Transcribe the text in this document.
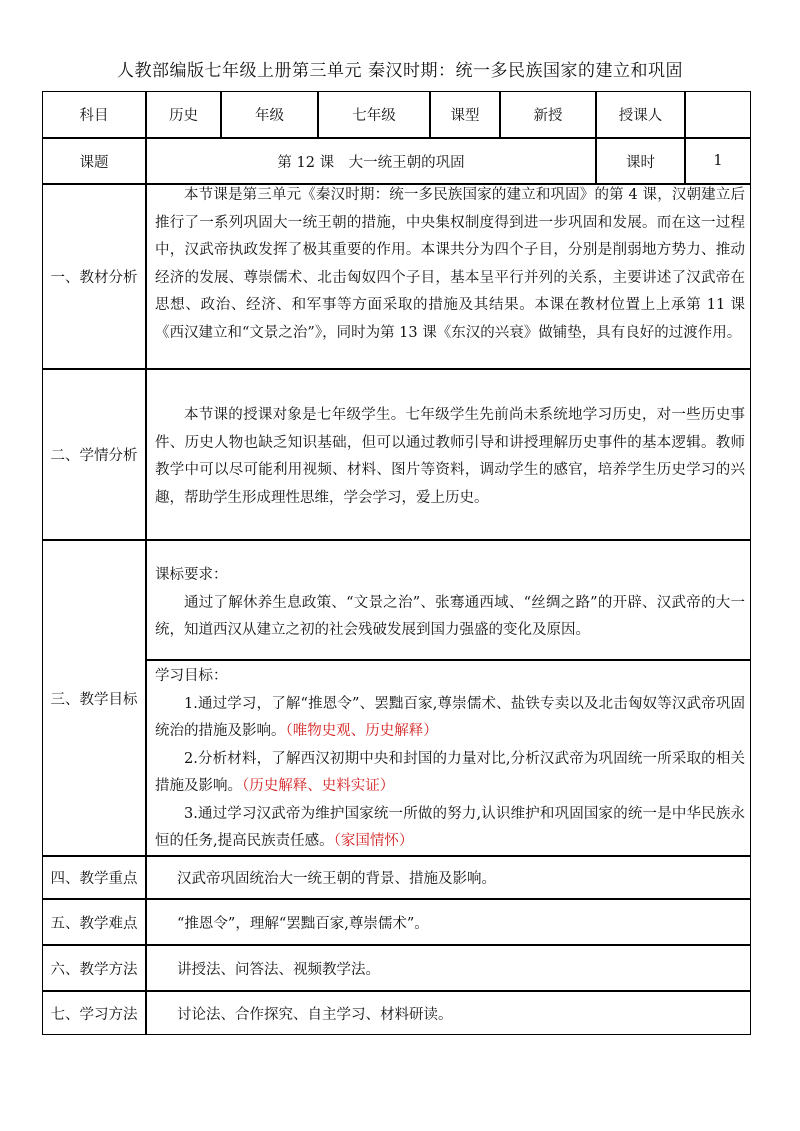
人教部编版七年级上册第三单元 秦汉时期：统一多民族国家的建立和巩固
科目	历史	年级	七年级	课型	新授	授课人
课题	第 12 课　大一统王朝的巩固	课时	1
一、教材分析
本节课是第三单元《秦汉时期：统一多民族国家的建立和巩固》的第 4 课，汉朝建立后推行了一系列巩固大一统王朝的措施，中央集权制度得到进一步巩固和发展。而在这一过程中，汉武帝执政发挥了极其重要的作用。本课共分为四个子目，分别是削弱地方势力、推动经济的发展、尊崇儒术、北击匈奴四个子目，基本呈平行并列的关系，主要讲述了汉武帝在思想、政治、经济、和军事等方面采取的措施及其结果。本课在教材位置上上承第 11 课《西汉建立和“文景之治”》，同时为第 13 课《东汉的兴衰》做铺垫，具有良好的过渡作用。
二、学情分析
本节课的授课对象是七年级学生。七年级学生先前尚未系统地学习历史，对一些历史事件、历史人物也缺乏知识基础，但可以通过教师引导和讲授理解历史事件的基本逻辑。教师教学中可以尽可能利用视频、材料、图片等资料，调动学生的感官，培养学生历史学习的兴趣，帮助学生形成理性思维，学会学习，爱上历史。
三、教学目标

课标要求：

通过了解休养生息政策、“文景之治”、张骞通西域、“丝绸之路”的开辟、汉武帝的大一统，知道西汉从建立之初的社会残破发展到国力强盛的变化及原因。

学习目标：

1.通过学习，了解“推恩令”、罢黜百家,尊崇儒术、盐铁专卖以及北击匈奴等汉武帝巩固统治的措施及影响。（唯物史观、历史解释）

2.分析材料，了解西汉初期中央和封国的力量对比,分析汉武帝为巩固统一所采取的相关措施及影响。（历史解释、史料实证）

3.通过学习汉武帝为维护国家统一所做的努力,认识维护和巩固国家的统一是中华民族永恒的任务,提高民族责任感。（家国情怀）

四、教学重点	汉武帝巩固统治大一统王朝的背景、措施及影响。
五、教学难点	“推恩令”，理解“罢黜百家,尊崇儒术”。
六、教学方法	讲授法、问答法、视频教学法。
七、学习方法	讨论法、合作探究、自主学习、材料研读。
